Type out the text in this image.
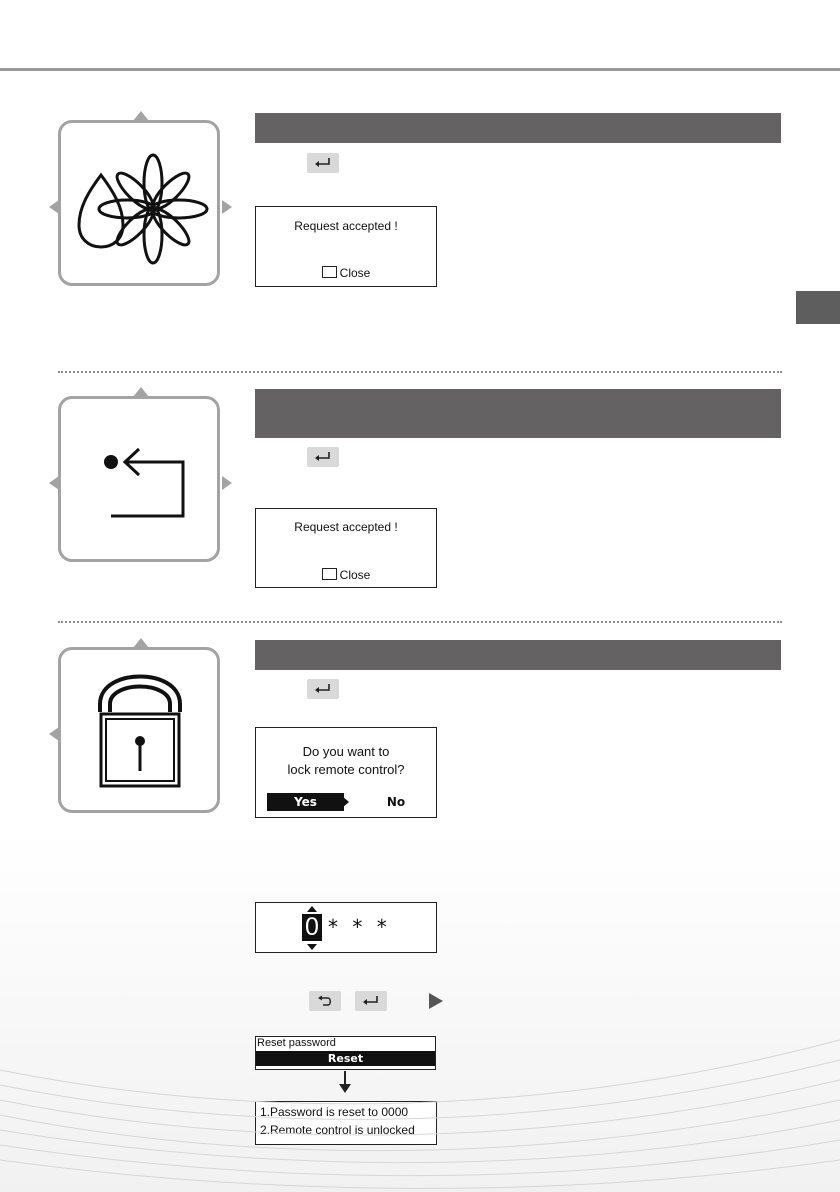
Request accepted !
Close
Request accepted !
Close
Do you want to
lock remote control?
Yes	No
0 * * *
Reset password
Reset
1.Password is reset to 0000
2.Remote control is unlocked
